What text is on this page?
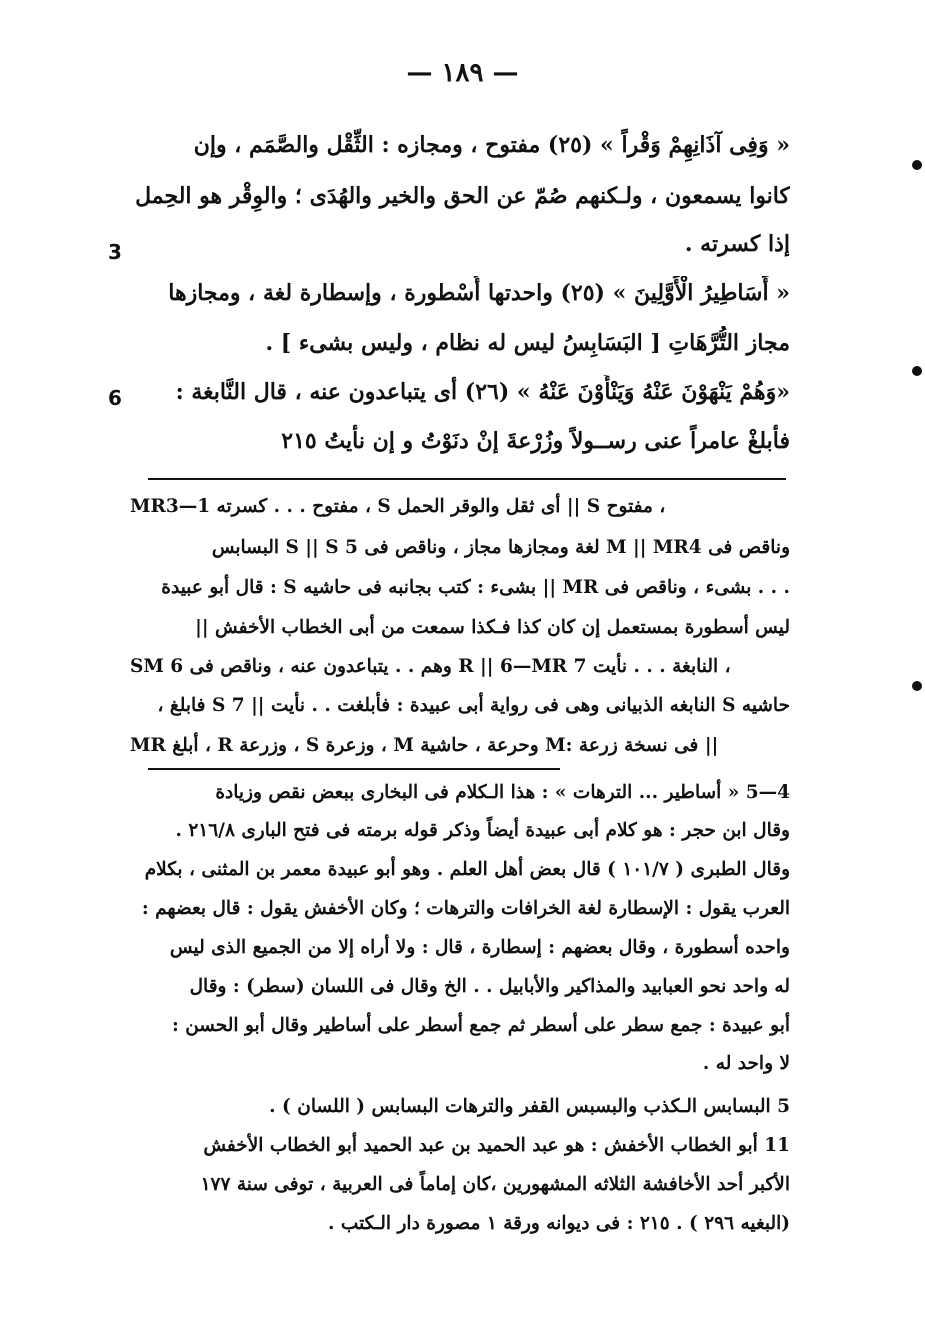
— ١٨٩ —
« وَفِى آذَانِهِمْ وَقْراً » (٢٥) مفتوح ، ومجازه : الثِّقْل والصَّمَم ، وإن
كانوا يسمعون ، ولـكنهم صُمّ عن الحق والخير والهُدَى ؛ والوِقْر هو الحِمل
إذا كسرته .
« أَسَاطِيرُ الْأَوَّلِينَ » (٢٥) واحدتها أُسْطورة ، وإسطارة لغة ، ومجازها
مجاز التُّرَّهَاتِ [ البَسَابِسُ ليس له نظام ، وليس بشىء ] .
«وَهُمْ يَنْهَوْنَ عَنْهُ وَيَنْأَوْنَ عَنْهُ » (٢٦) أى يتباعدون عنه ، قال النَّابغة :
فأبلغْ عامراً عنى رســولاً وزُرْعةَ إنْ دنَوْتُ و إن نأيتُ ٢١٥
3
6
MR3—1 مفتوح . . . كسرته ، S أى ثقل والوقر الحمل || S مفتوح ،
وناقص فى M || MR4 لغة ومجازها مجاز ، وناقص فى S || S 5 البسابس
. . . بشىء ، وناقص فى MR || بشىء : كتب بجانبه فى حاشيه S : قال أبو عبيدة
ليس أسطورة بمستعمل إن كان كذا فـكذا سمعت من أبى الخطاب الأخفش ||
SM 6 وهم . . يتباعدون عنه ، وناقص فى R || 6—MR 7 النابغة . . . نأيت ،
حاشيه S النابغه الذبيانى وهى فى رواية أبى عبيدة : فأبلغت . . نأيت || S 7 فابلغ ،
MR أبلغ ، R وزرعة ، S وزعرة ، M وحرعة ، حاشية M: فى نسخة زرعة ||
4—5 « أساطير ... الترهات » : هذا الـكلام فى البخارى ببعض نقص وزيادة
وقال ابن حجر : هو كلام أبى عبيدة أيضاً وذكر قوله برمته فى فتح البارى ٢١٦/٨ .
وقال الطبرى ( ١٠١/٧ ) قال بعض أهل العلم . وهو أبو عبيدة معمر بن المثنى ، بكلام
العرب يقول : الإسطارة لغة الخرافات والترهات ؛ وكان الأخفش يقول : قال بعضهم :
واحده أسطورة ، وقال بعضهم : إسطارة ، قال : ولا أراه إلا من الجميع الذى ليس
له واحد نحو العبابيد والمذاكير والأبابيل . . الخ وقال فى اللسان (سطر) : وقال
أبو عبيدة : جمع سطر على أسطر ثم جمع أسطر على أساطير وقال أبو الحسن :
لا واحد له .
5 البسابس الـكذب والبسبس القفر والترهات البسابس ( اللسان ) .
11 أبو الخطاب الأخفش : هو عبد الحميد بن عبد الحميد أبو الخطاب الأخفش
الأكبر أحد الأخافشة الثلاثه المشهورين ،كان إماماً فى العربية ، توفى سنة ١٧٧
(البغيه ٢٩٦ ) . ٢١٥ : فى ديوانه ورقة ١ مصورة دار الـكتب .
